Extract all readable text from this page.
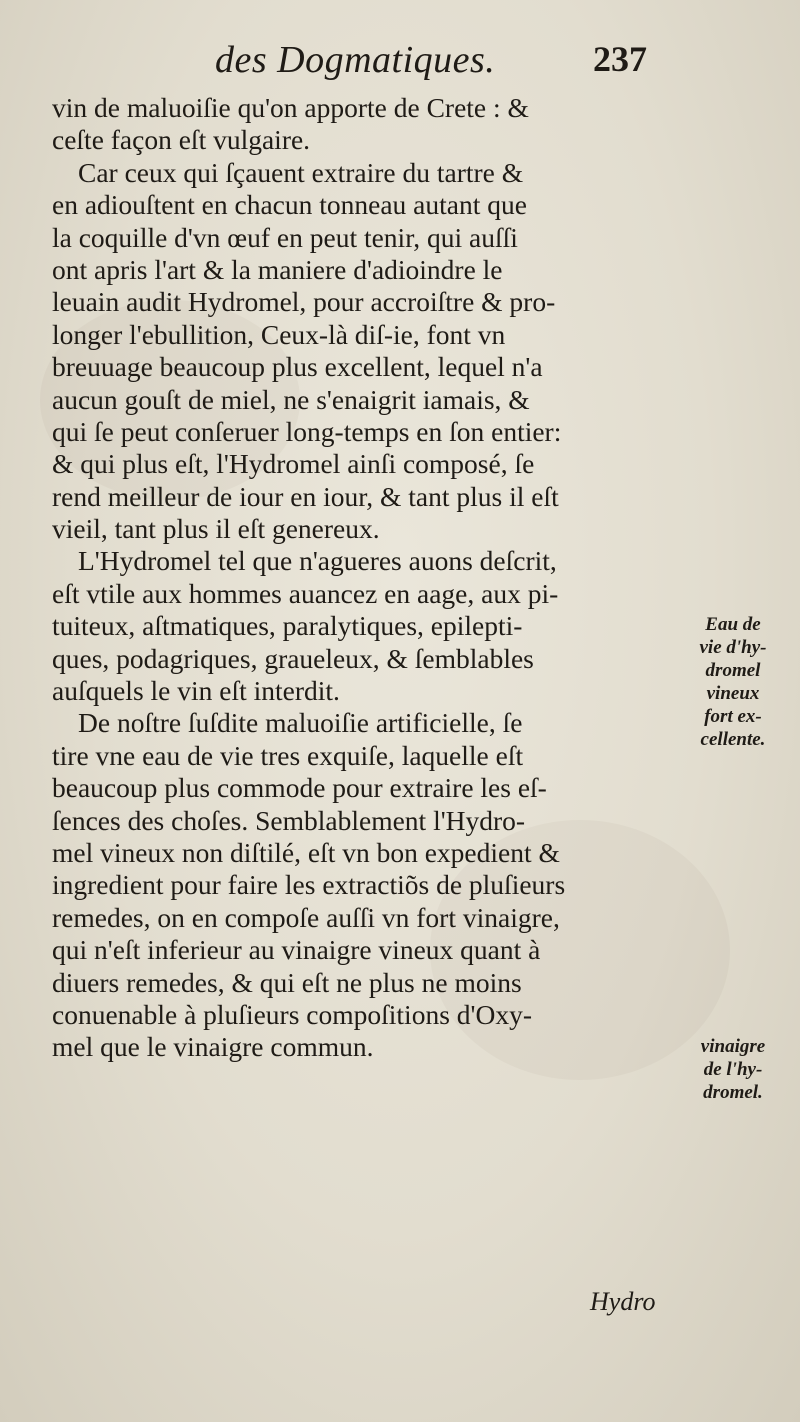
des Dogmatiques.	237
vin de maluoiſie qu'on apporte de Crete : &
ceſte façon eſt vulgaire.
Car ceux qui ſçauent extraire du tartre &
en adiouſtent en chacun tonneau autant que
la coquille d'vn œuf en peut tenir, qui auſſi
ont apris l'art & la maniere d'adioindre le
leuain audit Hydromel, pour accroiſtre & pro-
longer l'ebullition, Ceux-là diſ-ie, font vn
breuuage beaucoup plus excellent, lequel n'a
aucun gouſt de miel, ne s'enaigrit iamais, &
qui ſe peut conſeruer long-temps en ſon entier:
& qui plus eſt, l'Hydromel ainſi composé, ſe
rend meilleur de iour en iour, & tant plus il eſt
vieil, tant plus il eſt genereux.
L'Hydromel tel que n'agueres auons deſcrit,
eſt vtile aux hommes auancez en aage, aux pi-
tuiteux, aſtmatiques, paralytiques, epilepti-
ques, podagriques, graueleux, & ſemblables
auſquels le vin eſt interdit.
De noſtre ſuſdite maluoiſie artificielle, ſe
tire vne eau de vie tres exquiſe, laquelle eſt
beaucoup plus commode pour extraire les eſ-
ſences des choſes. Semblablement l'Hydro-
mel vineux non diſtilé, eſt vn bon expedient &
ingredient pour faire les extractiõs de pluſieurs
remedes, on en compoſe auſſi vn fort vinaigre,
qui n'eſt inferieur au vinaigre vineux quant à
diuers remedes, & qui eſt ne plus ne moins
conuenable à pluſieurs compoſitions d'Oxy-
mel que le vinaigre commun.
Eau de
vie d'hy-
dromel
vineux
fort ex-
cellente.
vinaigre
de l'hy-
dromel.
Hydro
